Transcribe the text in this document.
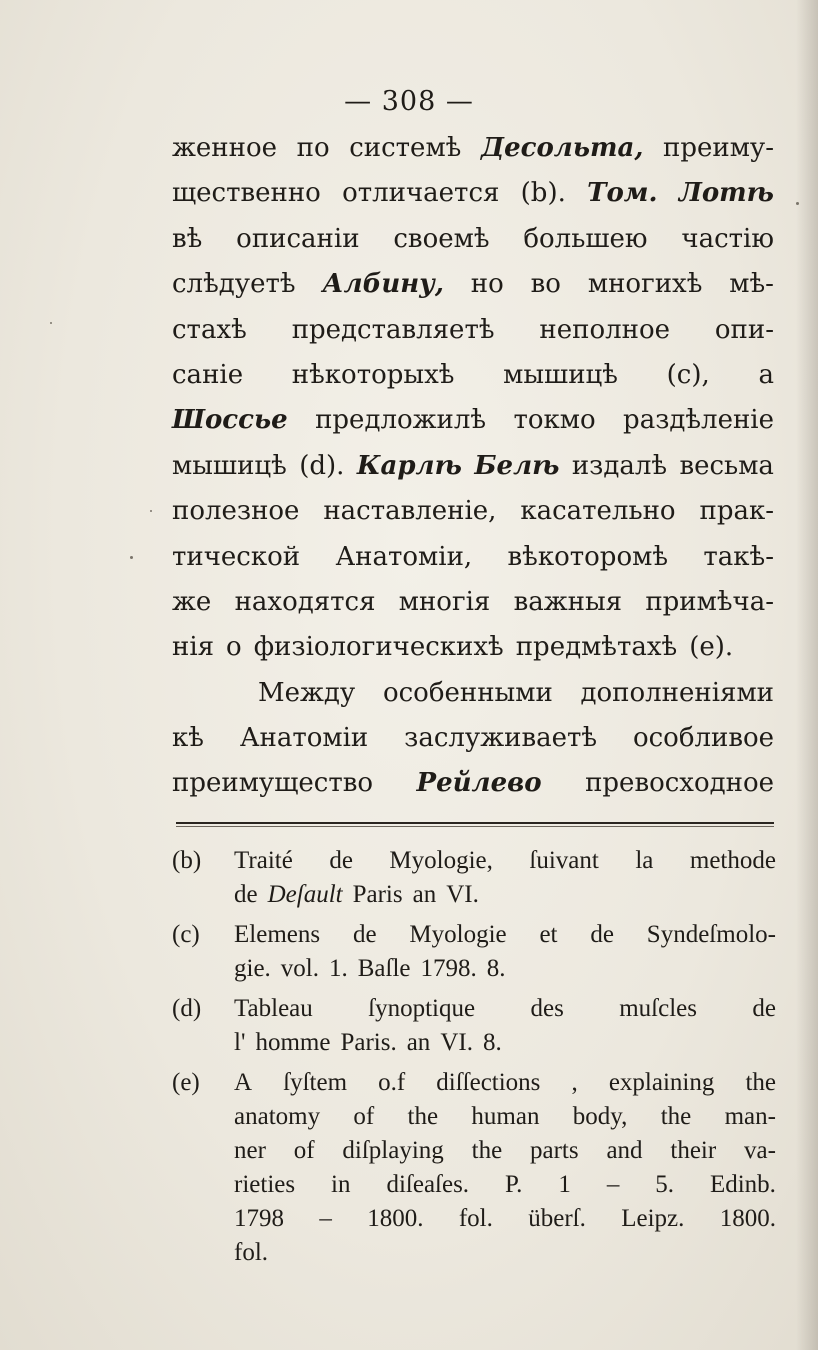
— 308 —
женное по системѣ Десольта, преиму-
щественно отличается (b). Том. Лотѣ
вѣ описаніи своемѣ большею частію
слѣдуетѣ Албину, но во многихѣ мѣ-
стахѣ представляетѣ неполное опи-
саніе нѣкоторыхѣ мышицѣ (c), а
Шоссье предложилѣ токмо раздѣленіе
мышицѣ (d). Карлѣ Белѣ издалѣ весьма
полезное наставленіе, касательно прак-
тической Анатоміи, вѣкоторомѣ такѣ-
же находятся многія важныя примѣча-
нія о физіологическихѣ предмѣтахѣ (e).
Между особенными дополненіями
кѣ Анатоміи заслуживаетѣ особливое
преимущество Рейлево превосходное
(b) Traité de Myologie, ſuivant la methode
de Deſault Paris an VI.
(c) Elemens de Myologie et de Syndeſmolo-
gie. vol. 1. Baſle 1798. 8.
(d) Tableau ſynoptique des muſcles de
l' homme Paris. an VI. 8.
(e) A ſyſtem o.f diſſections , explaining the
anatomy of the human body, the man-
ner of diſplaying the parts and their va-
rieties in diſeaſes. P. 1 – 5. Edinb.
1798 – 1800. fol. überſ. Leipz. 1800.
fol.
